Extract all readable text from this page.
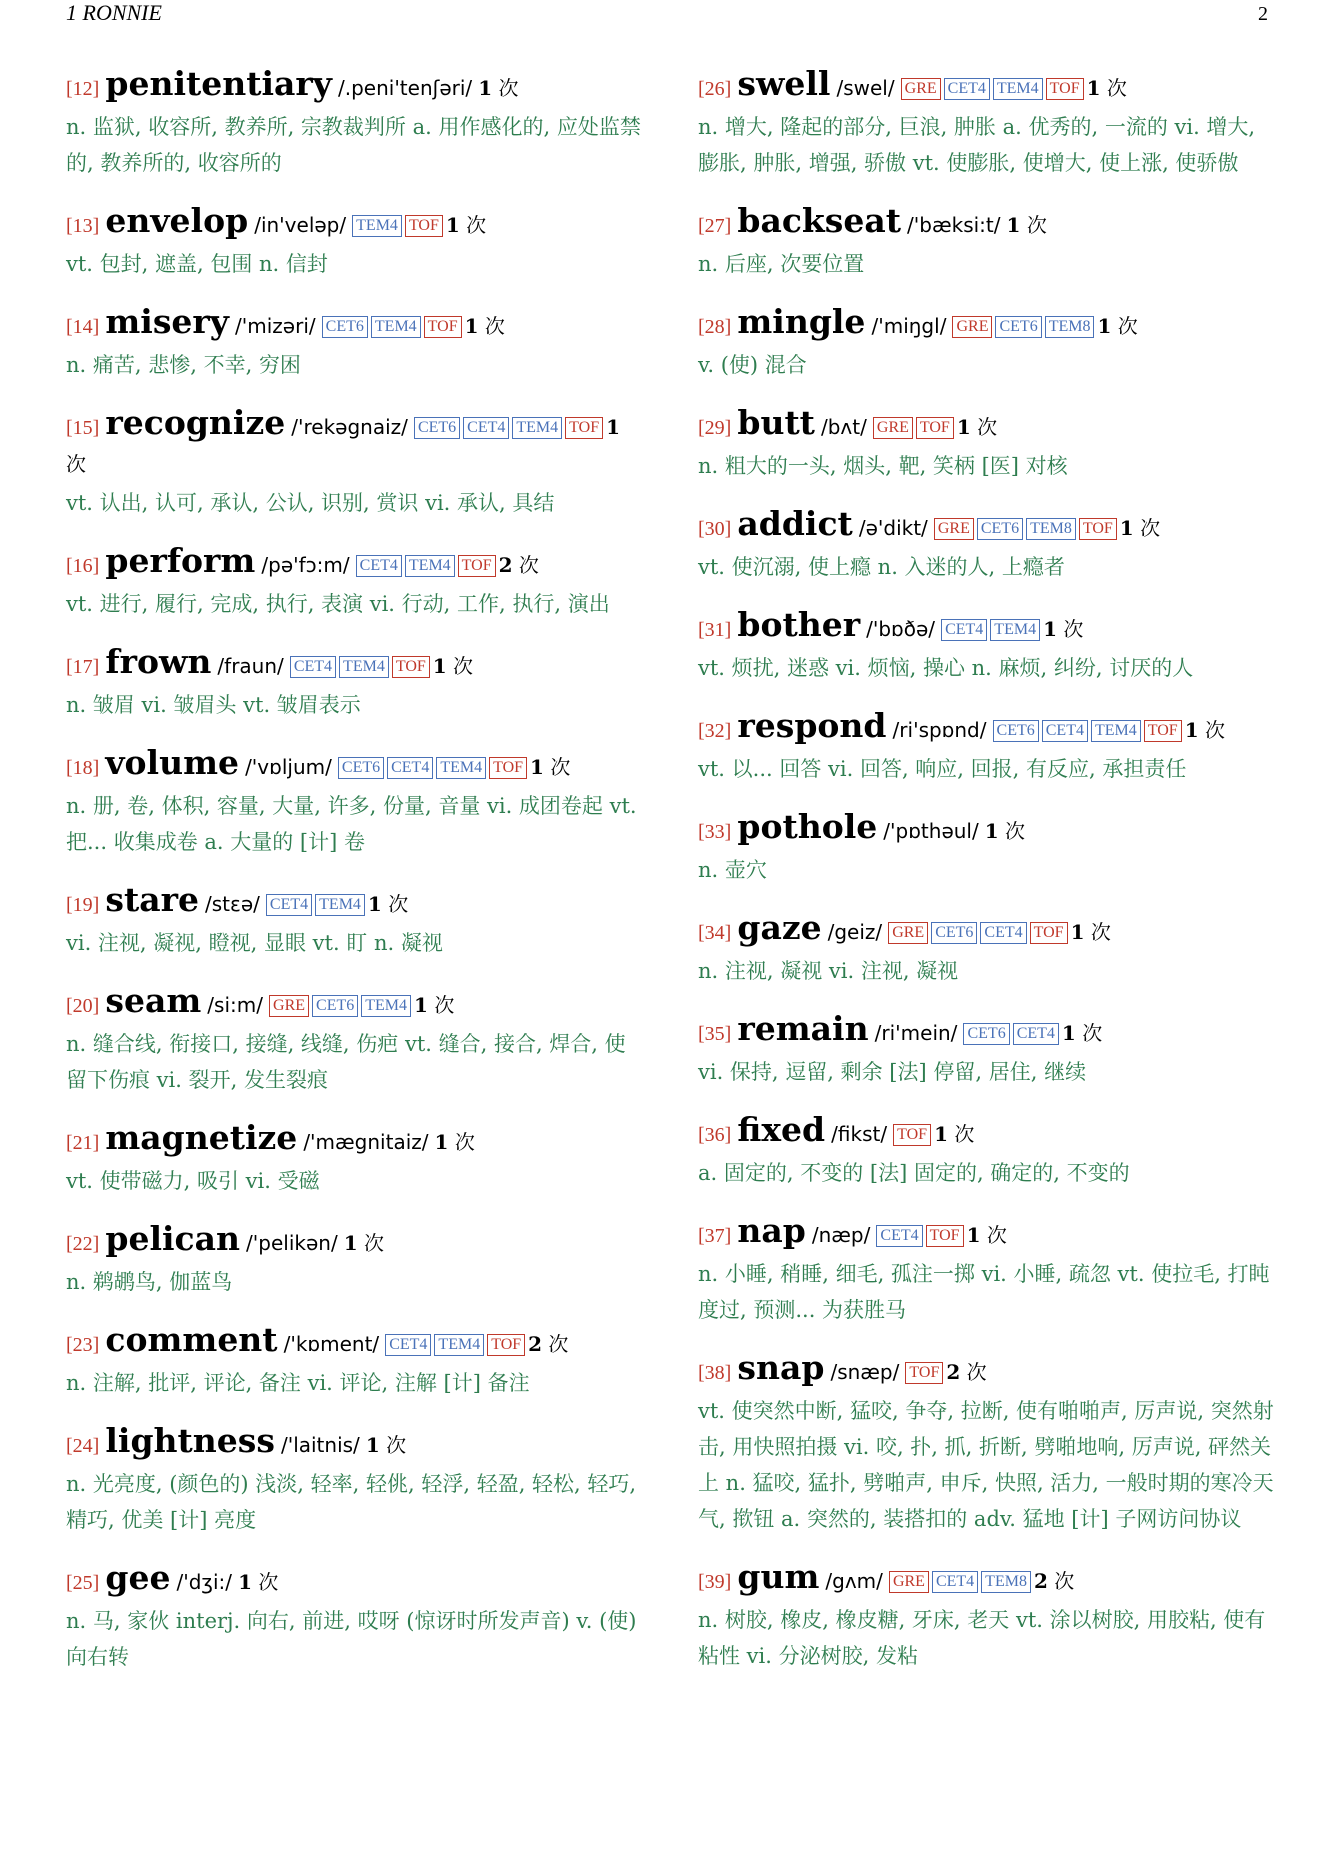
1 RONNIE	2
[12] penitentiary /.peni'tenʃəri/ 1 次
n. 监狱, 收容所, 教养所, 宗教裁判所 a. 用作感化的, 应处监禁的, 教养所的, 收容所的
[13] envelop /in'veləp/ TEM4 TOF 1 次
vt. 包封, 遮盖, 包围 n. 信封
[14] misery /'mizəri/ CET6 TEM4 TOF 1 次
n. 痛苦, 悲惨, 不幸, 穷困
[15] recognize /'rekəgnaiz/ CET6 CET4 TEM4 TOF 1 次
vt. 认出, 认可, 承认, 公认, 识别, 赏识 vi. 承认, 具结
[16] perform /pə'fɔ:m/ CET4 TEM4 TOF 2 次
vt. 进行, 履行, 完成, 执行, 表演 vi. 行动, 工作, 执行, 演出
[17] frown /fraun/ CET4 TEM4 TOF 1 次
n. 皱眉 vi. 皱眉头 vt. 皱眉表示
[18] volume /'vɒljum/ CET6 CET4 TEM4 TOF 1 次
n. 册, 卷, 体积, 容量, 大量, 许多, 份量, 音量 vi. 成团卷起 vt. 把... 收集成卷 a. 大量的 [计] 卷
[19] stare /stεə/ CET4 TEM4 1 次
vi. 注视, 凝视, 瞪视, 显眼 vt. 盯 n. 凝视
[20] seam /si:m/ GRE CET6 TEM4 1 次
n. 缝合线, 衔接口, 接缝, 线缝, 伤疤 vt. 缝合, 接合, 焊合, 使留下伤痕 vi. 裂开, 发生裂痕
[21] magnetize /'mægnitaiz/ 1 次
vt. 使带磁力, 吸引 vi. 受磁
[22] pelican /'pelikən/ 1 次
n. 鹈鹕鸟, 伽蓝鸟
[23] comment /'kɒment/ CET4 TEM4 TOF 2 次
n. 注解, 批评, 评论, 备注 vi. 评论, 注解 [计] 备注
[24] lightness /'laitnis/ 1 次
n. 光亮度, (颜色的) 浅淡, 轻率, 轻佻, 轻浮, 轻盈, 轻松, 轻巧, 精巧, 优美 [计] 亮度
[25] gee /'dʒi:/ 1 次
n. 马, 家伙 interj. 向右, 前进, 哎呀 (惊讶时所发声音) v. (使) 向右转
[26] swell /swel/ GRE CET4 TEM4 TOF 1 次
n. 增大, 隆起的部分, 巨浪, 肿胀 a. 优秀的, 一流的 vi. 增大, 膨胀, 肿胀, 增强, 骄傲 vt. 使膨胀, 使增大, 使上涨, 使骄傲
[27] backseat /'bæksi:t/ 1 次
n. 后座, 次要位置
[28] mingle /'miŋgl/ GRE CET6 TEM8 1 次
v. (使) 混合
[29] butt /bʌt/ GRE TOF 1 次
n. 粗大的一头, 烟头, 靶, 笑柄 [医] 对核
[30] addict /ə'dikt/ GRE CET6 TEM8 TOF 1 次
vt. 使沉溺, 使上瘾 n. 入迷的人, 上瘾者
[31] bother /'bɒðə/ CET4 TEM4 1 次
vt. 烦扰, 迷惑 vi. 烦恼, 操心 n. 麻烦, 纠纷, 讨厌的人
[32] respond /ri'spɒnd/ CET6 CET4 TEM4 TOF 1 次
vt. 以... 回答 vi. 回答, 响应, 回报, 有反应, 承担责任
[33] pothole /'pɒthəul/ 1 次
n. 壶穴
[34] gaze /geiz/ GRE CET6 CET4 TOF 1 次
n. 注视, 凝视 vi. 注视, 凝视
[35] remain /ri'mein/ CET6 CET4 1 次
vi. 保持, 逗留, 剩余 [法] 停留, 居住, 继续
[36] fixed /fikst/ TOF 1 次
a. 固定的, 不变的 [法] 固定的, 确定的, 不变的
[37] nap /næp/ CET4 TOF 1 次
n. 小睡, 稍睡, 细毛, 孤注一掷 vi. 小睡, 疏忽 vt. 使拉毛, 打盹度过, 预测... 为获胜马
[38] snap /snæp/ TOF 2 次
vt. 使突然中断, 猛咬, 争夺, 拉断, 使有啪啪声, 厉声说, 突然射击, 用快照拍摄 vi. 咬, 扑, 抓, 折断, 劈啪地响, 厉声说, 砰然关上 n. 猛咬, 猛扑, 劈啪声, 申斥, 快照, 活力, 一般时期的寒冷天气, 揿钮 a. 突然的, 装搭扣的 adv. 猛地 [计] 子网访问协议
[39] gum /gʌm/ GRE CET4 TEM8 2 次
n. 树胶, 橡皮, 橡皮糖, 牙床, 老天 vt. 涂以树胶, 用胶粘, 使有粘性 vi. 分泌树胶, 发粘
